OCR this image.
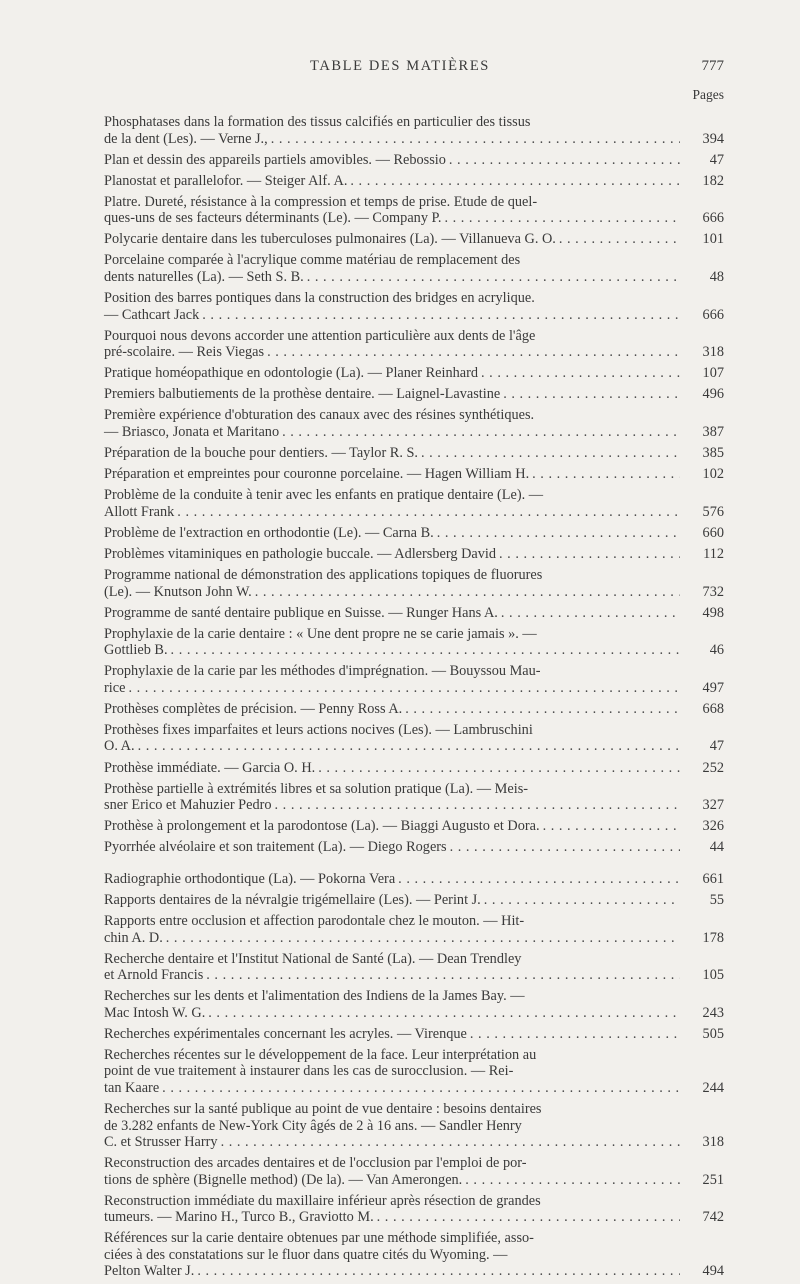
TABLE DES MATIÈRES	777
Pages
Phosphatases dans la formation des tissus calcifiés en particulier des tissus
de la dent (Les). — Verne J., . . .	394
Plan et dessin des appareils partiels amovibles. — Rebossio . . .	47
Planostat et parallelofor. — Steiger Alf. A. . . .	182
Platre. Dureté, résistance à la compression et temps de prise. Etude de quel-
ques-uns de ses facteurs déterminants (Le). — Company P. . . .	666
Polycarie dentaire dans les tuberculoses pulmonaires (La). — Villanueva G. O. . . .	101
Porcelaine comparée à l'acrylique comme matériau de remplacement des
dents naturelles (La). — Seth S. B. . . .	48
Position des barres pontiques dans la construction des bridges en acrylique.
— Cathcart Jack . . .	666
Pourquoi nous devons accorder une attention particulière aux dents de l'âge
pré-scolaire. — Reis Viegas . . .	318
Pratique homéopathique en odontologie (La). — Planer Reinhard . . .	107
Premiers balbutiements de la prothèse dentaire. — Laignel-Lavastine . . .	496
Première expérience d'obturation des canaux avec des résines synthétiques.
— Briasco, Jonata et Maritano . . .	387
Préparation de la bouche pour dentiers. — Taylor R. S. . . .	385
Préparation et empreintes pour couronne porcelaine. — Hagen William H. . . .	102
Problème de la conduite à tenir avec les enfants en pratique dentaire (Le). —
Allott Frank . . .	576
Problème de l'extraction en orthodontie (Le). — Carna B. . . .	660
Problèmes vitaminiques en pathologie buccale. — Adlersberg David . . .	112
Programme national de démonstration des applications topiques de fluorures
(Le). — Knutson John W. . . .	732
Programme de santé dentaire publique en Suisse. — Runger Hans A. . . .	498
Prophylaxie de la carie dentaire : « Une dent propre ne se carie jamais ». —
Gottlieb B. . . .	46
Prophylaxie de la carie par les méthodes d'imprégnation. — Bouyssou Mau-
rice . . .	497
Prothèses complètes de précision. — Penny Ross A. . . .	668
Prothèses fixes imparfaites et leurs actions nocives (Les). — Lambruschini
O. A. . . .	47
Prothèse immédiate. — Garcia O. H. . . .	252
Prothèse partielle à extrémités libres et sa solution pratique (La). — Meis-
sner Erico et Mahuzier Pedro . . .	327
Prothèse à prolongement et la parodontose (La). — Biaggi Augusto et Dora. . . .	326
Pyorrhée alvéolaire et son traitement (La). — Diego Rogers . . .	44
Radiographie orthodontique (La). — Pokorna Vera . . .	661
Rapports dentaires de la névralgie trigémellaire (Les). — Perint J. . . .	55
Rapports entre occlusion et affection parodontale chez le mouton. — Hit-
chin A. D. . . .	178
Recherche dentaire et l'Institut National de Santé (La). — Dean Trendley
et Arnold Francis . . .	105
Recherches sur les dents et l'alimentation des Indiens de la James Bay. —
Mac Intosh W. G. . . .	243
Recherches expérimentales concernant les acryles. — Virenque . . .	505
Recherches récentes sur le développement de la face. Leur interprétation au
point de vue traitement à instaurer dans les cas de surocclusion. — Rei-
tan Kaare . . .	244
Recherches sur la santé publique au point de vue dentaire : besoins dentaires
de 3.282 enfants de New-York City âgés de 2 à 16 ans. — Sandler Henry
C. et Strusser Harry . . .	318
Reconstruction des arcades dentaires et de l'occlusion par l'emploi de por-
tions de sphère (Bignelle method) (De la). — Van Amerongen. . . .	251
Reconstruction immédiate du maxillaire inférieur après résection de grandes
tumeurs. — Marino H., Turco B., Graviotto M. . . .	742
Références sur la carie dentaire obtenues par une méthode simplifiée, asso-
ciées à des constatations sur le fluor dans quatre cités du Wyoming. —
Pelton Walter J. . . .	494
